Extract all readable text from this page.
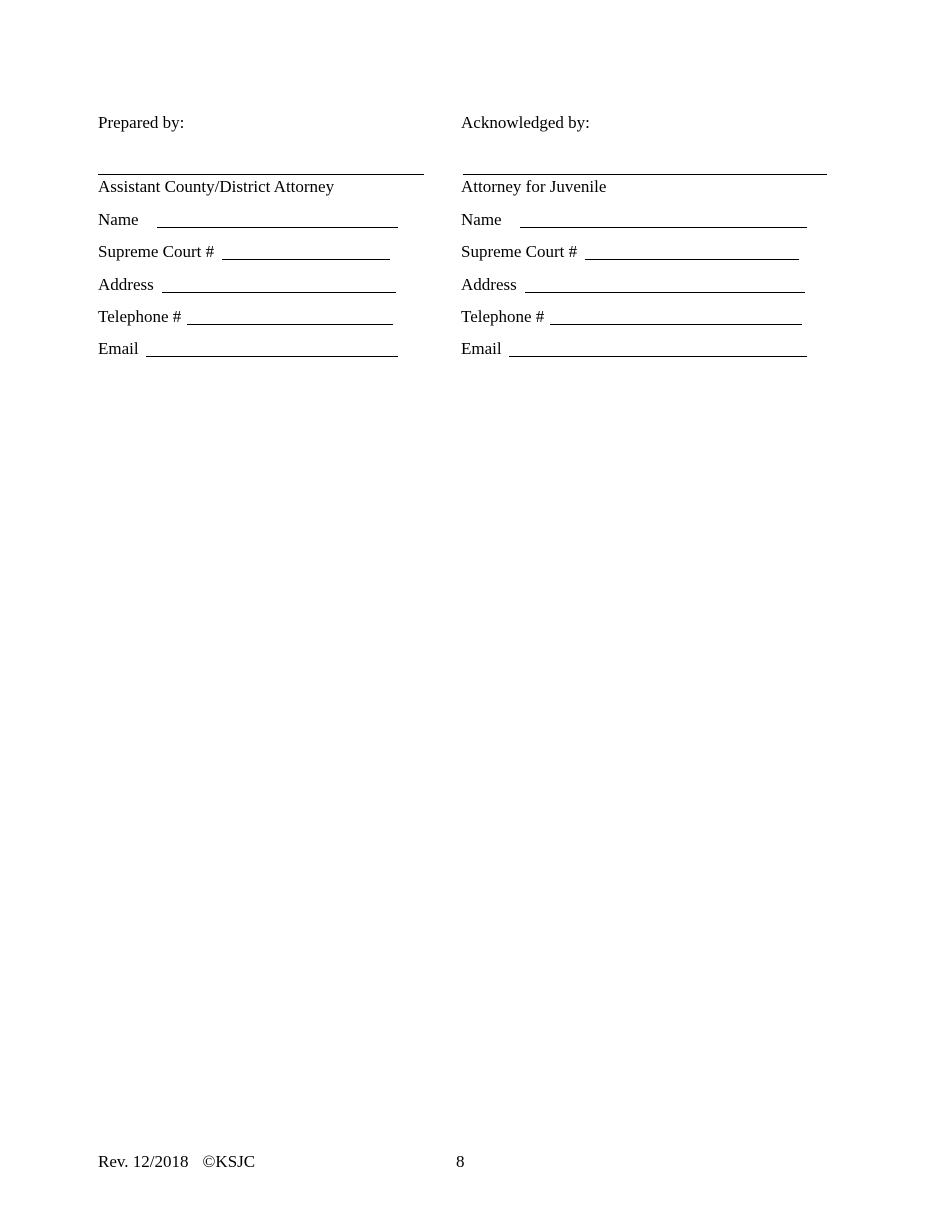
Prepared by:
Assistant County/District Attorney
Name
Supreme Court #
Address
Telephone #
Email
Acknowledged by:
Attorney for Juvenile
Name
Supreme Court #
Address
Telephone #
Email
Rev. 12/2018 ©KSJC	8
